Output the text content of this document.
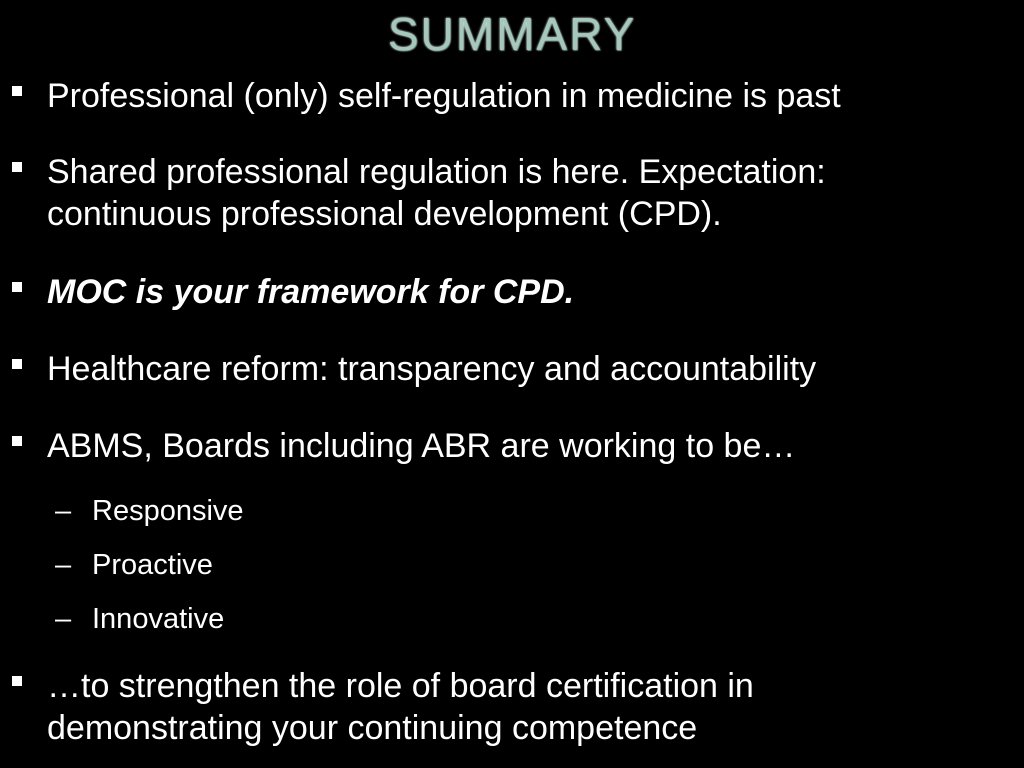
SUMMARY
Professional (only) self-regulation in medicine is past
Shared professional regulation is here. Expectation:
continuous professional development (CPD).
MOC is your framework for CPD.
Healthcare reform: transparency and accountability
ABMS, Boards including ABR are working to be…
– Responsive
– Proactive
– Innovative
…to strengthen the role of board certification in
demonstrating your continuing competence
